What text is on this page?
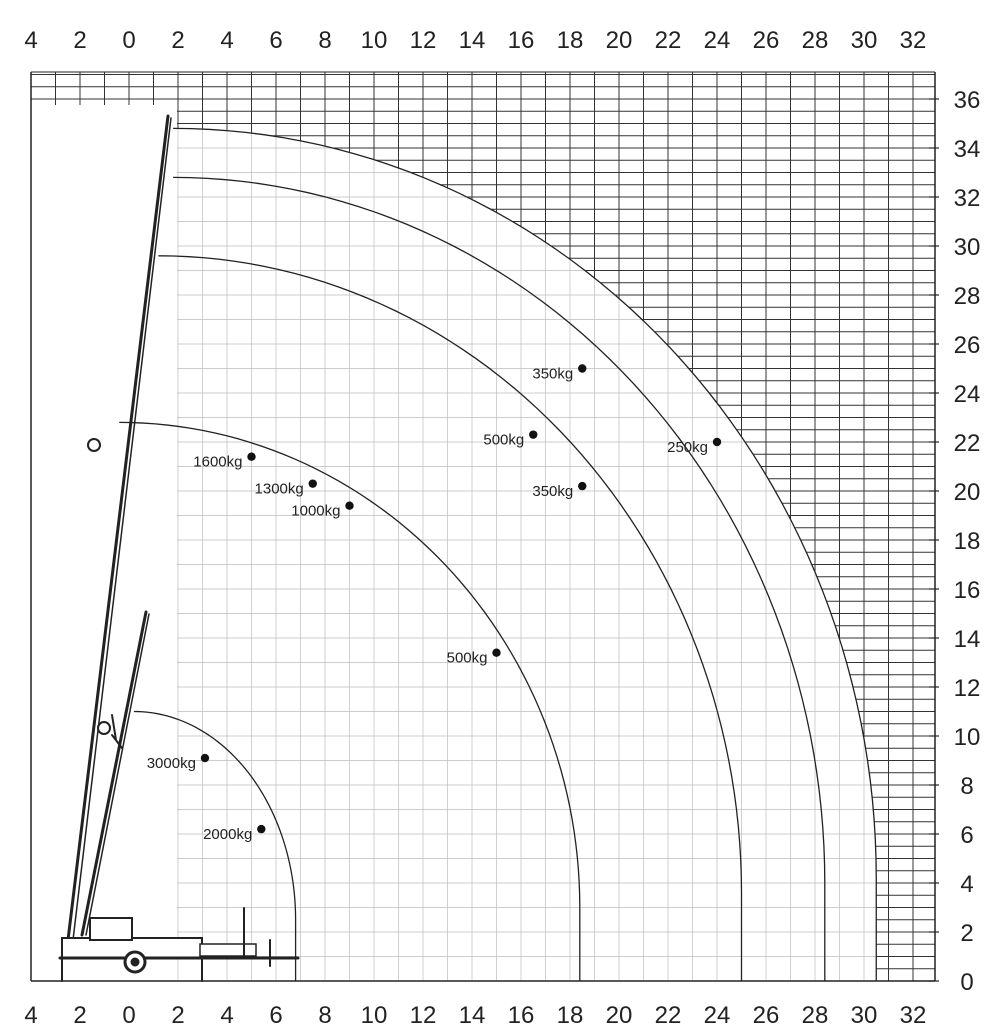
4 2 0 2 4 6 8 10 12 14 16 18 20 22 24 26 28 30 32
4 2 0 2 4 6 8 10 12 14 16 18 20 22 24 26 28 30 32
0
2
4
6
8
10
12
14
16
18
20
22
24
26
28
30
32
34
36
3000kg
2000kg
1600kg
1300kg
1000kg
500kg
500kg
350kg
350kg
250kg
